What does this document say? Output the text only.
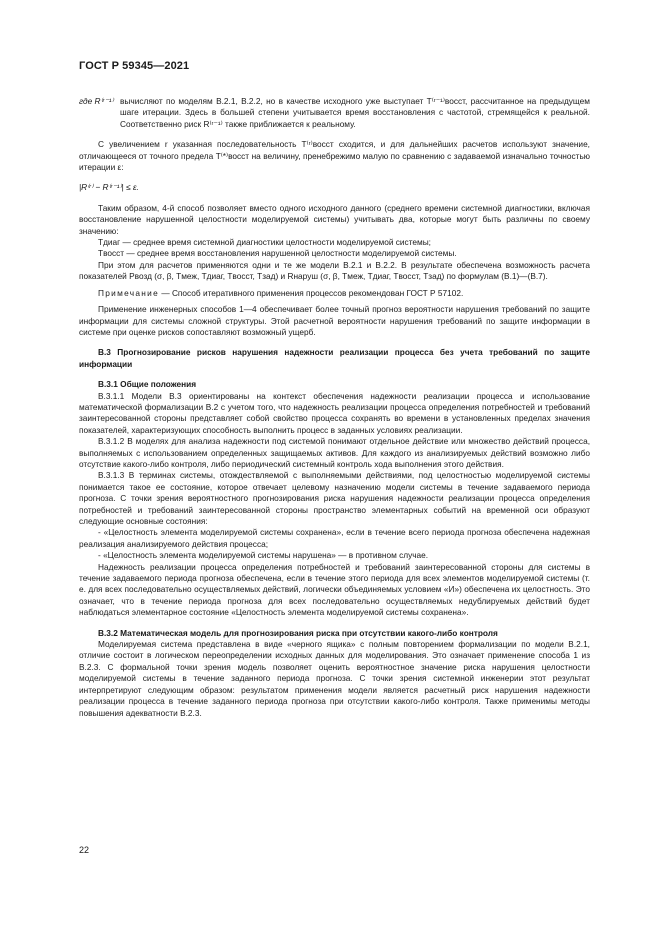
ГОСТ Р 59345—2021
где R⁽ʳ⁻¹⁾ вычисляют по моделям В.2.1, В.2.2, но в качестве исходного уже выступает T⁽ʳ⁻¹⁾восст, рассчитанное на предыдущем шаге итерации. Здесь в большей степени учитывается время восстановления с частотой, стремящейся к реальной. Соответственно риск R⁽ʳ⁻¹⁾ также приближается к реальному.

С увеличением r указанная последовательность T⁽ʳ⁾восст сходится, и для дальнейших расчетов используют значение, отличающееся от точного предела T⁽*⁾восст на величину, пренебрежимо малую по сравнению с задаваемой изначально точностью итерации ε:

|R⁽ʳ⁾ − R⁽ʳ⁻¹⁾| ≤ ε.

Таким образом, 4-й способ позволяет вместо одного исходного данного (среднего времени системной диагностики, включая восстановление нарушенной целостности моделируемой системы) учитывать два, которые могут быть различны по своему значению:

Tдиаг — среднее время системной диагностики целостности моделируемой системы;

Tвосст — среднее время восстановления нарушенной целостности моделируемой системы.

При этом для расчетов применяются одни и те же модели В.2.1 и В.2.2. В результате обеспечена возможность расчета показателей Pвозд (σ, β, Tмеж, Tдиаг, Tвосст, Tзад) и Rнаруш (σ, β, Tмеж, Tдиаг, Tвосст, Tзад) по формулам (В.1)—(В.7).

Примечание — Способ итеративного применения процессов рекомендован ГОСТ Р 57102.

Применение инженерных способов 1—4 обеспечивает более точный прогноз вероятности нарушения требований по защите информации для системы сложной структуры. Этой расчетной вероятности нарушения требований по защите информации в системе при оценке рисков сопоставляют возможный ущерб.

В.3 Прогнозирование рисков нарушения надежности реализации процесса без учета требований по защите информации

В.3.1 Общие положения

В.3.1.1 Модели В.3 ориентированы на контекст обеспечения надежности реализации процесса и использование математической формализации В.2 с учетом того, что надежность реализации процесса определения потребностей и требований заинтересованной стороны представляет собой свойство процесса сохранять во времени в установленных пределах значения показателей, характеризующих способность выполнить процесс в заданных условиях реализации.

В.3.1.2 В моделях для анализа надежности под системой понимают отдельное действие или множество действий процесса, выполняемых с использованием определенных защищаемых активов. Для каждого из анализируемых действий возможно либо отсутствие какого-либо контроля, либо периодический системный контроль хода выполнения этого действия.

В.3.1.3 В терминах системы, отождествляемой с выполняемыми действиями, под целостностью моделируемой системы понимается такое ее состояние, которое отвечает целевому назначению модели системы в течение задаваемого периода прогноза. С точки зрения вероятностного прогнозирования риска нарушения надежности реализации процесса определения потребностей и требований заинтересованной стороны пространство элементарных событий на временной оси образуют следующие основные состояния:

- «Целостность элемента моделируемой системы сохранена», если в течение всего периода прогноза обеспечена надежная реализация анализируемого действия процесса;

- «Целостность элемента моделируемой системы нарушена» — в противном случае.

Надежность реализации процесса определения потребностей и требований заинтересованной стороны для системы в течение задаваемого периода прогноза обеспечена, если в течение этого периода для всех элементов моделируемой системы (т. е. для всех последовательно осуществляемых действий, логически объединяемых условием «И») обеспечена их целостность. Это означает, что в течение периода прогноза для всех последовательно осуществляемых недублируемых действий будет наблюдаться элементарное состояние «Целостность элемента моделируемой системы сохранена».

В.3.2 Математическая модель для прогнозирования риска при отсутствии какого-либо контроля

Моделируемая система представлена в виде «черного ящика» с полным повторением формализации по модели В.2.1, отличие состоит в логическом переопределении исходных данных для моделирования. Это означает применение способа 1 из В.2.3. С формальной точки зрения модель позволяет оценить вероятностное значение риска нарушения целостности моделируемой системы в течение заданного периода прогноза. С точки зрения системной инженерии этот результат интерпретируют следующим образом: результатом применения модели является расчетный риск нарушения надежности реализации процесса в течение заданного периода прогноза при отсутствии какого-либо контроля. Также применимы методы повышения адекватности В.2.3.

22
